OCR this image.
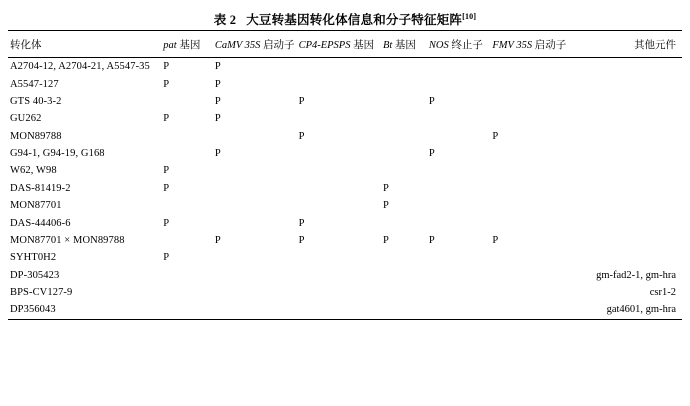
表 2 大豆转基因转化体信息和分子特征矩阵[10]
转化体	pat 基因	CaMV 35S 启动子	CP4-EPSPS 基因	Bt 基因	NOS 终止子	FMV 35S 启动子	其他元件
A2704-12, A2704-21, A5547-35	P	P					
A5547-127	P	P					
GTS 40-3-2		P	P		P		
GU262	P	P					
MON89788			P			P	
G94-1, G94-19, G168		P			P		
W62, W98	P						
DAS-81419-2	P			P			
MON87701				P			
DAS-44406-6	P		P				
MON87701 × MON89788		P	P	P	P	P	
SYHT0H2	P						
DP-305423							gm-fad2-1, gm-hra
BPS-CV127-9							csr1-2
DP356043							gat4601, gm-hra
